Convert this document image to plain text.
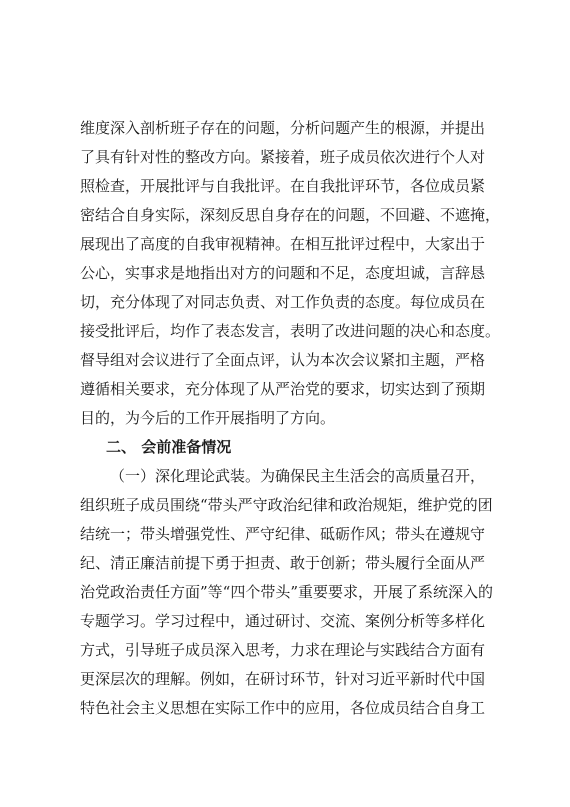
维度深入剖析班子存在的问题，分析问题产生的根源，并提出
了具有针对性的整改方向。紧接着，班子成员依次进行个人对
照检查，开展批评与自我批评。在自我批评环节，各位成员紧
密结合自身实际，深刻反思自身存在的问题，不回避、不遮掩，
展现出了高度的自我审视精神。在相互批评过程中，大家出于
公心，实事求是地指出对方的问题和不足，态度坦诚，言辞恳
切，充分体现了对同志负责、对工作负责的态度。每位成员在
接受批评后，均作了表态发言，表明了改进问题的决心和态度。
督导组对会议进行了全面点评，认为本次会议紧扣主题，严格
遵循相关要求，充分体现了从严治党的要求，切实达到了预期
目的，为今后的工作开展指明了方向。
二、 会前准备情况
（一）深化理论武装。为确保民主生活会的高质量召开，
组织班子成员围绕“带头严守政治纪律和政治规矩，维护党的团
结统一；带头增强党性、严守纪律、砥砺作风；带头在遵规守
纪、清正廉洁前提下勇于担责、敢于创新；带头履行全面从严
治党政治责任方面”等“四个带头”重要要求，开展了系统深入的
专题学习。学习过程中，通过研讨、交流、案例分析等多样化
方式，引导班子成员深入思考，力求在理论与实践结合方面有
更深层次的理解。例如，在研讨环节，针对习近平新时代中国
特色社会主义思想在实际工作中的应用，各位成员结合自身工
